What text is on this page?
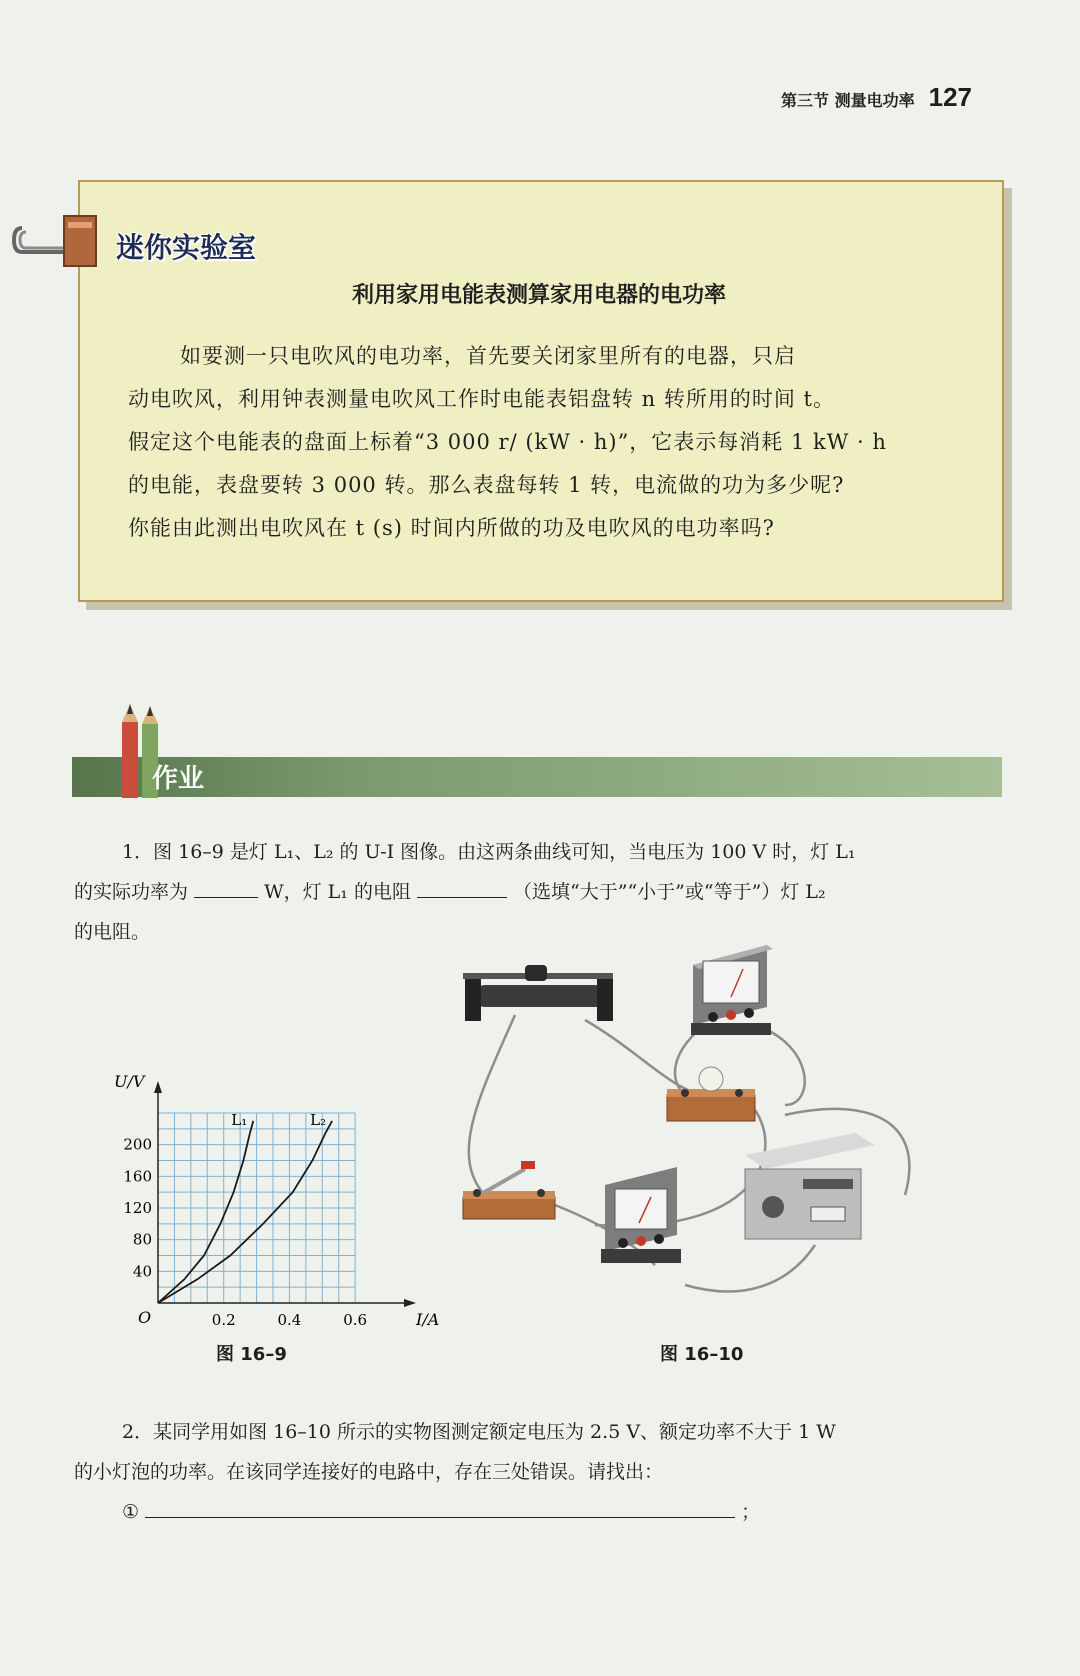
第三节 测量电功率 127
迷你实验室
利用家用电能表测算家用电器的电功率
如要测一只电吹风的电功率，首先要关闭家里所有的电器，只启
动电吹风，利用钟表测量电吹风工作时电能表铝盘转 n 转所用的时间 t。
假定这个电能表的盘面上标着“3 000 r/ (kW · h)”，它表示每消耗 1 kW · h
的电能，表盘要转 3 000 转。那么表盘每转 1 转，电流做的功为多少呢?
你能由此测出电吹风在 t (s) 时间内所做的功及电吹风的电功率吗?
作业
1．图 16–9 是灯 L₁、L₂ 的 U-I 图像。由这两条曲线可知，当电压为 100 V 时，灯 L₁
的实际功率为	W，灯 L₁ 的电阻	（选填“大于”“小于”或“等于”）灯 L₂
的电阻。
40
80
120
160
200
0.2	0.4	0.6
L₁	L₂
U/V
I/A
O
图 16–9	图 16–10
2．某同学用如图 16–10 所示的实物图测定额定电压为 2.5 V、额定功率不大于 1 W
的小灯泡的功率。在该同学连接好的电路中，存在三处错误。请找出：
①	；
